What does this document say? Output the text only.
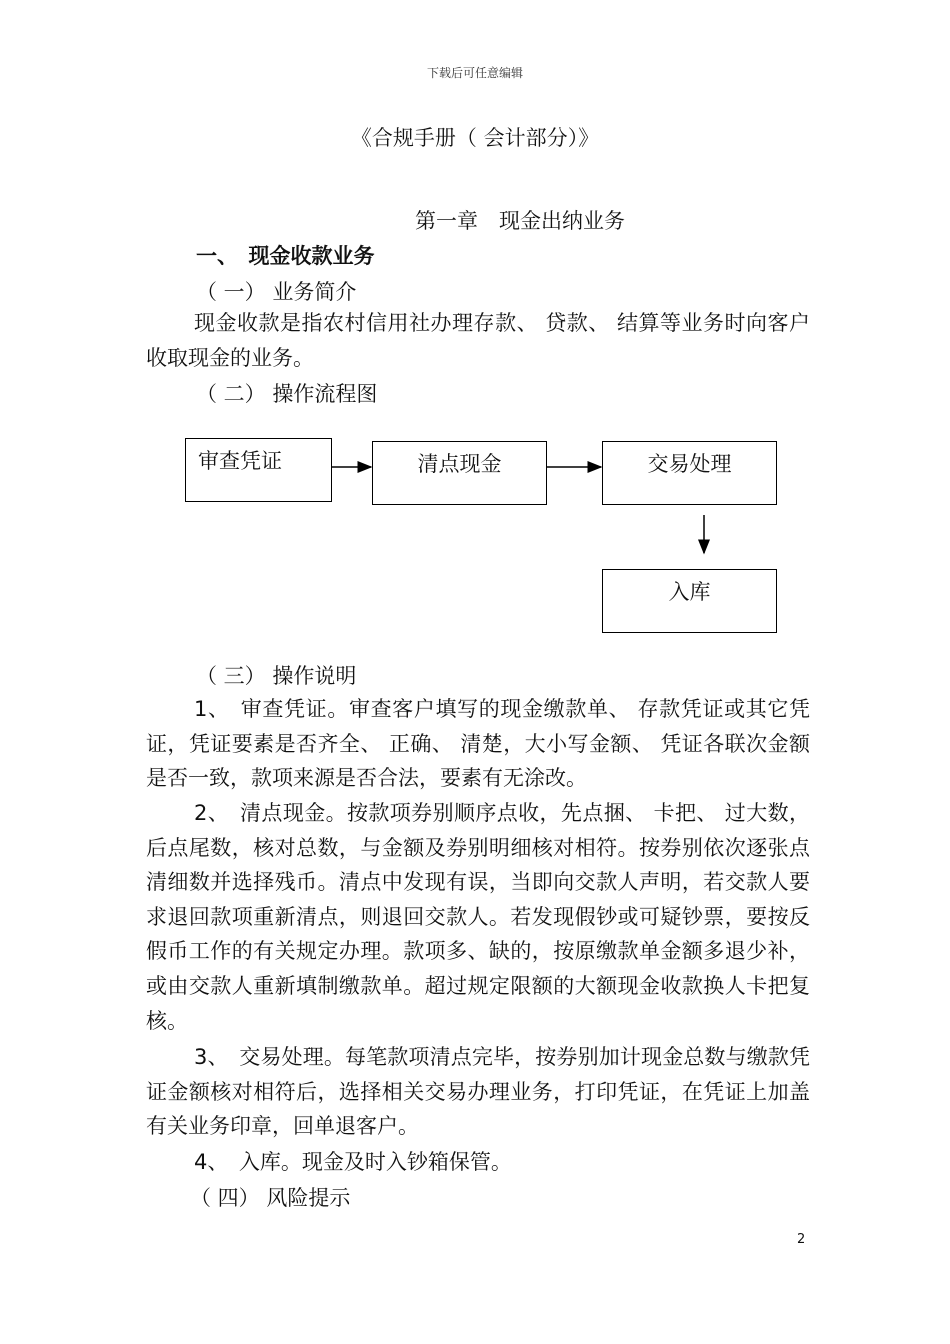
下载后可任意编辑
《合规手册（ 会计部分）》
第一章　现金出纳业务
一、　现金收款业务
（ 一） 业务简介
现金收款是指农村信用社办理存款、 贷款、 结算等业务时向客户收取现金的业务。
（ 二） 操作流程图
审查凭证	清点现金	交易处理
入库
（ 三） 操作说明
1、　审查凭证。审查客户填写的现金缴款单、 存款凭证或其它凭证，凭证要素是否齐全、 正确、 清楚，大小写金额、 凭证各联次金额是否一致，款项来源是否合法，要素有无涂改。
2、　清点现金。按款项券别顺序点收，先点捆、 卡把、 过大数，后点尾数，核对总数，与金额及券别明细核对相符。按券别依次逐张点清细数并选择残币。清点中发现有误，当即向交款人声明，若交款人要求退回款项重新清点，则退回交款人。若发现假钞或可疑钞票，要按反假币工作的有关规定办理。款项多、缺的，按原缴款单金额多退少补，或由交款人重新填制缴款单。超过规定限额的大额现金收款换人卡把复核。
3、　交易处理。每笔款项清点完毕，按券别加计现金总数与缴款凭证金额核对相符后，选择相关交易办理业务，打印凭证，在凭证上加盖有关业务印章，回单退客户。
4、　入库。现金及时入钞箱保管。
（ 四） 风险提示
2
